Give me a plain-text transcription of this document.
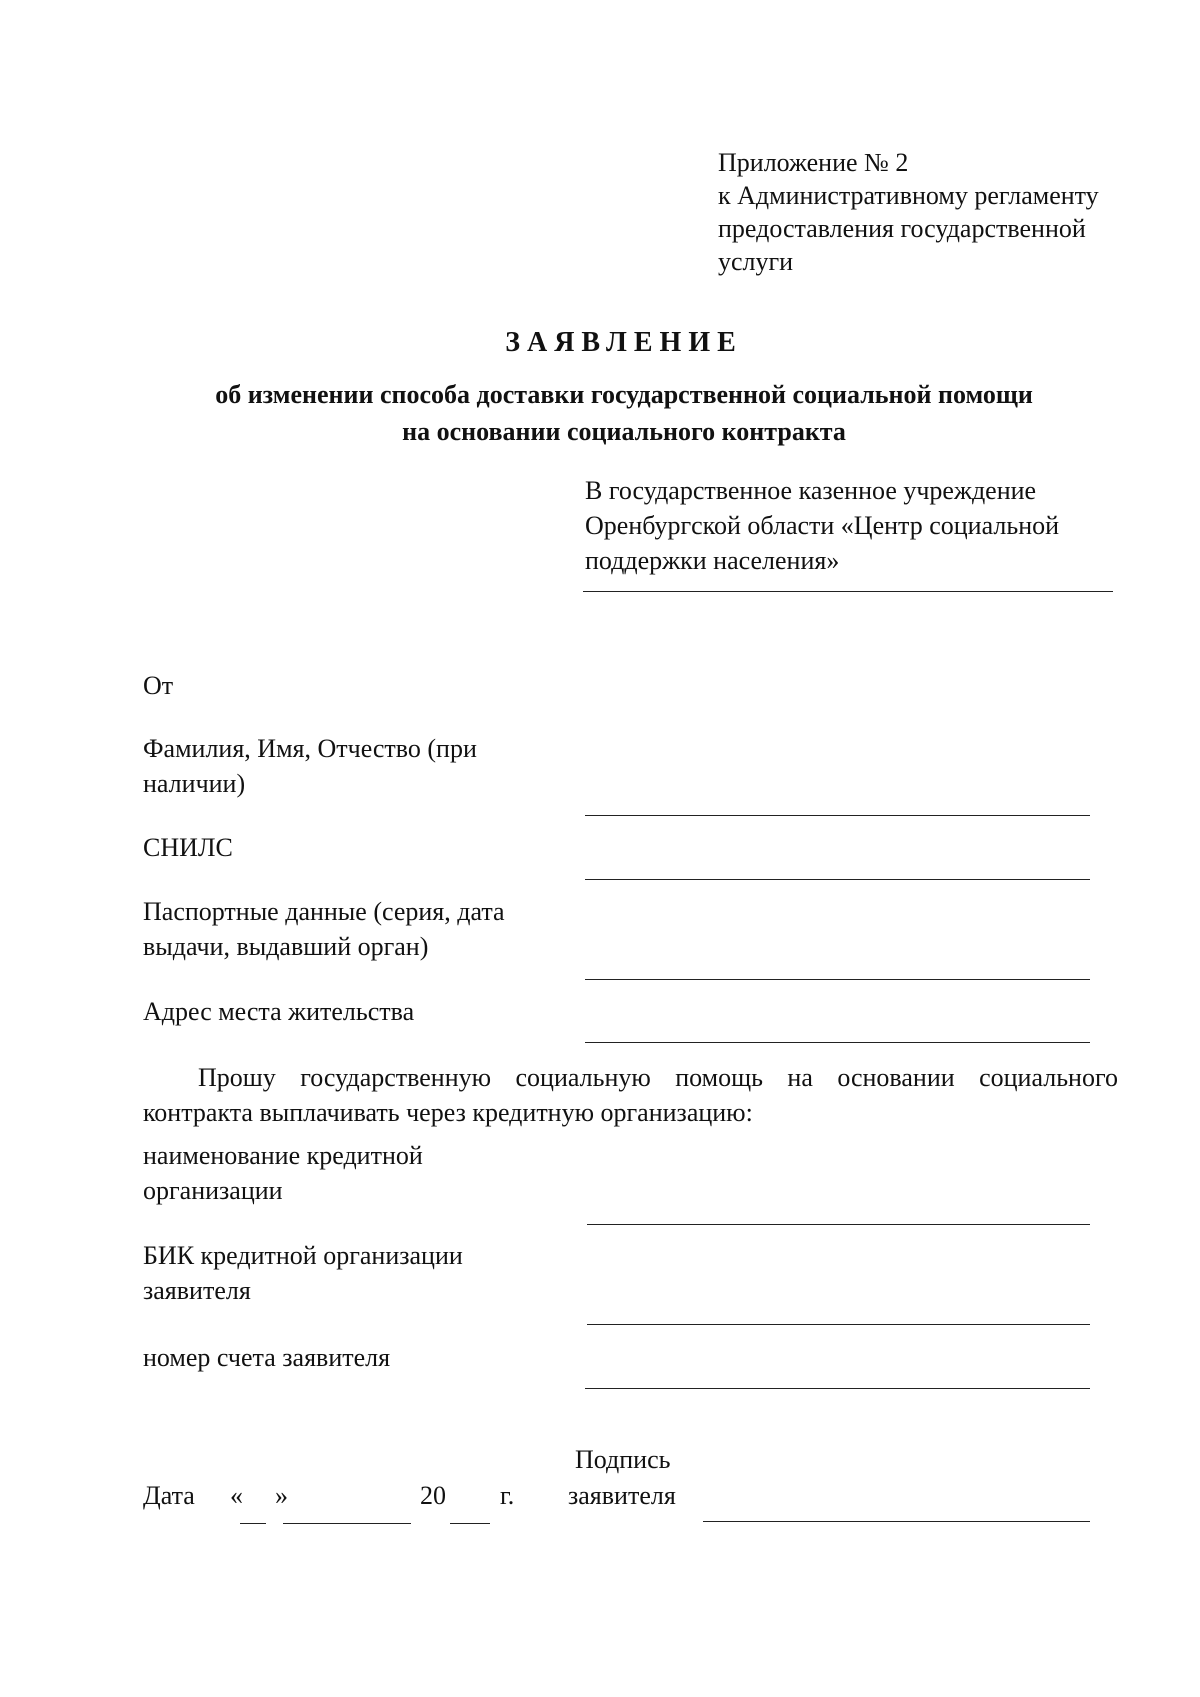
Приложение № 2
к Административному регламенту
предоставления государственной
услуги
ЗАЯВЛЕНИЕ
об изменении способа доставки государственной социальной помощи
на основании социального контракта
В государственное казенное учреждение
Оренбургской области «Центр социальной
поддержки населения»
От
Фамилия, Имя, Отчество (при
наличии)
СНИЛС
Паспортные данные (серия, дата
выдачи, выдавший орган)
Адрес места жительства
Прошу государственную социальную помощь на основании социального
контракта выплачивать через кредитную организацию:
наименование кредитной
организации
БИК кредитной организации
заявителя
номер счета заявителя
Дата « »	20 г.
Подпись
заявителя
